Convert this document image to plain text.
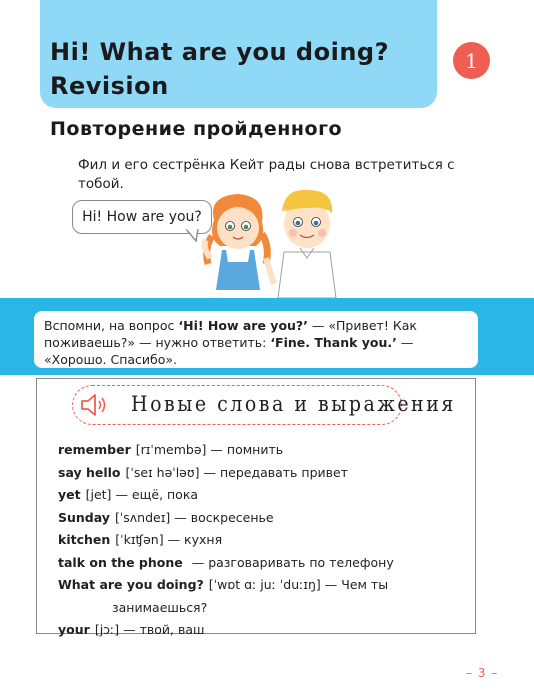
Hi! What are you doing?
Revision
1
Повторение пройденного
Фил и его сестрёнка Кейт рады снова встретиться с тобой.
Hi! How are you?
Вспомни, на вопрос ‘Hi! How are you?’ — «Привет! Как поживаешь?» — нужно ответить: ‘Fine. Thank you.’ — «Хорошо. Спасибо».
Новые слова и выражения
remember [rɪˈmembə] — помнить
say hello [ˈseɪ həˈləʊ] — передавать привет
yet [jet] — ещё, пока
Sunday [ˈsʌndeɪ] — воскресенье
kitchen [ˈkɪʧən] — кухня
talk on the phone — разговаривать по телефону
What are you doing? [ˈwɒt ɑː juː ˈduːɪŋ] — Чем ты
занимаешься?
your [jɔː] — твой, ваш
– 3 –
